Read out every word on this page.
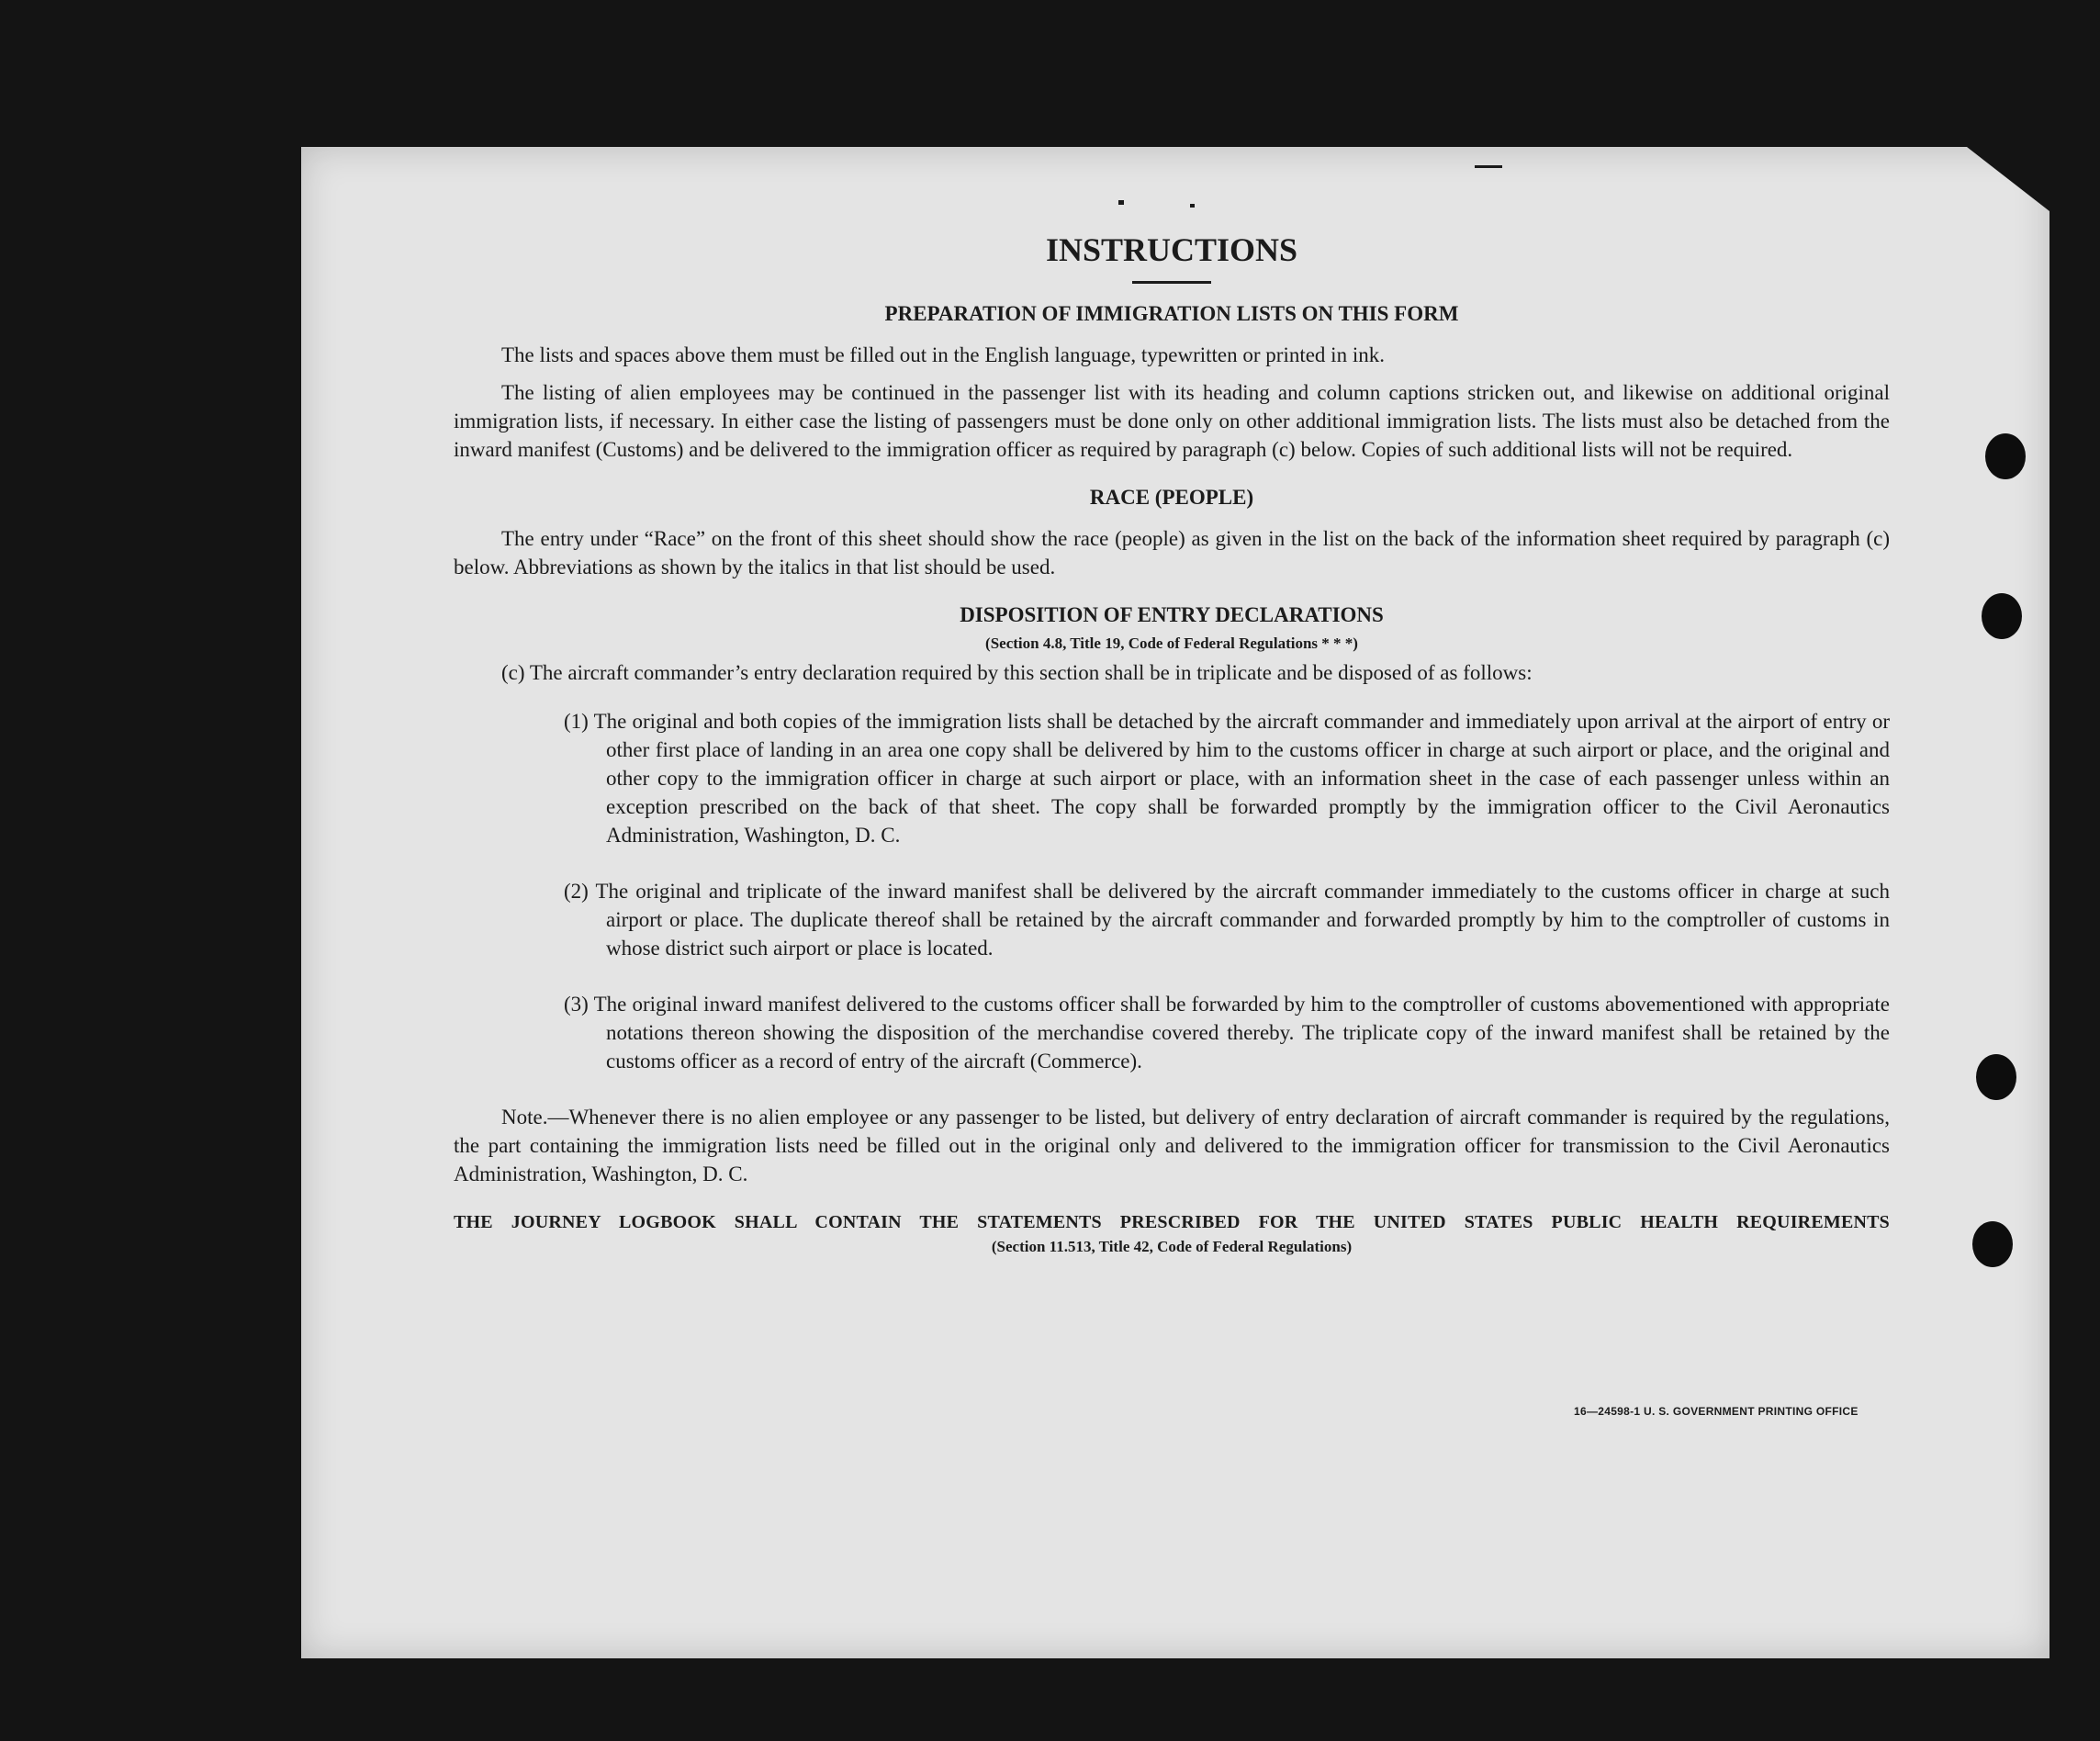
INSTRUCTIONS
PREPARATION OF IMMIGRATION LISTS ON THIS FORM

The lists and spaces above them must be filled out in the English language, typewritten or printed in ink.

The listing of alien employees may be continued in the passenger list with its heading and column captions stricken out, and likewise on additional original immigration lists, if necessary. In either case the listing of passengers must be done only on other additional immigration lists. The lists must also be detached from the inward manifest (Customs) and be delivered to the immigration officer as required by paragraph (c) below. Copies of such additional lists will not be required.

RACE (PEOPLE)

The entry under “Race” on the front of this sheet should show the race (people) as given in the list on the back of the information sheet required by paragraph (c) below. Abbreviations as shown by the italics in that list should be used.

DISPOSITION OF ENTRY DECLARATIONS
(Section 4.8, Title 19, Code of Federal Regulations * * *)

(c) The aircraft commander’s entry declaration required by this section shall be in triplicate and be disposed of as follows:

(1) The original and both copies of the immigration lists shall be detached by the aircraft commander and immediately upon arrival at the airport of entry or other first place of landing in an area one copy shall be delivered by him to the customs officer in charge at such airport or place, and the original and other copy to the immigration officer in charge at such airport or place, with an information sheet in the case of each passenger unless within an exception prescribed on the back of that sheet. The copy shall be forwarded promptly by the immigration officer to the Civil Aeronautics Administration, Washington, D. C.

(2) The original and triplicate of the inward manifest shall be delivered by the aircraft commander immediately to the customs officer in charge at such airport or place. The duplicate thereof shall be retained by the aircraft commander and forwarded promptly by him to the comptroller of customs in whose district such airport or place is located.

(3) The original inward manifest delivered to the customs officer shall be forwarded by him to the comptroller of customs abovementioned with appropriate notations thereon showing the disposition of the merchandise covered thereby. The triplicate copy of the inward manifest shall be retained by the customs officer as a record of entry of the aircraft (Commerce).

Note.—Whenever there is no alien employee or any passenger to be listed, but delivery of entry declaration of aircraft commander is required by the regulations, the part containing the immigration lists need be filled out in the original only and delivered to the immigration officer for transmission to the Civil Aeronautics Administration, Washington, D. C.

THE JOURNEY LOGBOOK SHALL CONTAIN THE STATEMENTS PRESCRIBED FOR THE UNITED STATES PUBLIC HEALTH REQUIREMENTS
(Section 11.513, Title 42, Code of Federal Regulations)
16—24598-1 U. S. GOVERNMENT PRINTING OFFICE
